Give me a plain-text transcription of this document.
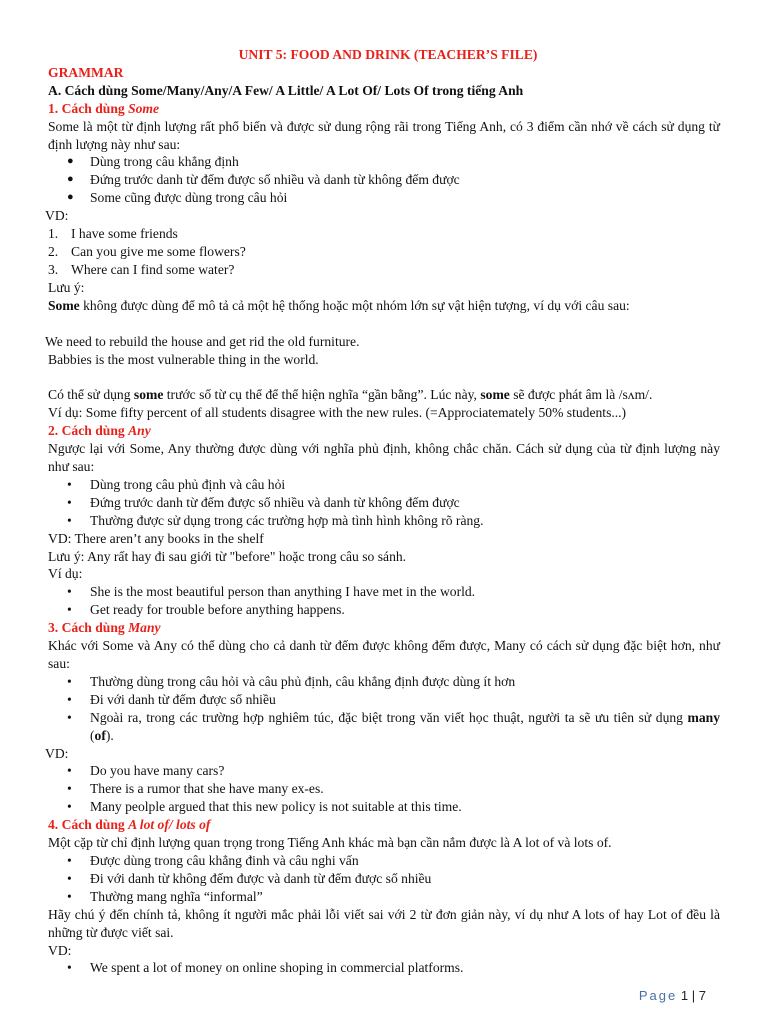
UNIT 5: FOOD AND DRINK (TEACHER’S FILE)
GRAMMAR
A. Cách dùng Some/Many/Any/A Few/ A Little/ A Lot Of/ Lots Of trong tiếng Anh
1. Cách dùng Some

Some là một từ định lượng rất phổ biến và được sử dung rộng rãi trong Tiếng Anh, có 3 điểm cần nhớ về cách sử dụng từ định lượng này như sau:

● Dùng trong câu khẳng định
● Đứng trước danh từ đếm được số nhiều và danh từ không đếm được
● Some cũng được dùng trong câu hỏi
VD:
1. I have some friends
2. Can you give me some flowers?
3. Where can I find some water?
Lưu ý:

Some không được dùng để mô tả cả một hệ thống hoặc một nhóm lớn sự vật hiện tượng, ví dụ với câu sau:

We need to rebuild the house and get rid the old furniture.
Babbies is the most vulnerable thing in the world.

Có thể sử dụng some trước số từ cụ thể để thể hiện nghĩa “gần bằng”. Lúc này, some sẽ được phát âm là /sʌm/.

Ví dụ: Some fifty percent of all students disagree with the new rules. (=Approciatemately 50% students...)

2. Cách dùng Any

Ngược lại với Some, Any thường được dùng với nghĩa phủ định, không chắc chăn. Cách sử dụng của từ định lượng này như sau:

• Dùng trong câu phủ định và câu hỏi
• Đứng trước danh từ đếm được số nhiều và danh từ không đếm được
• Thường được sử dụng trong các trường hợp mà tình hình không rõ ràng.
VD: There aren’t any books in the shelf
Lưu ý: Any rất hay đi sau giới từ "before" hoặc trong câu so sánh.
Ví dụ:
• She is the most beautiful person than anything I have met in the world.
• Get ready for trouble before anything happens.
3. Cách dùng Many

Khác với Some và Any có thể dùng cho cả danh từ đếm được không đếm được, Many có cách sử dụng đặc biệt hơn, như sau:

• Thường dùng trong câu hỏi và câu phủ định, câu khẳng định được dùng ít hơn
• Đi với danh từ đếm được số nhiều
• Ngoài ra, trong các trường hợp nghiêm túc, đặc biệt trong văn viết học thuật, người ta sẽ ưu tiên sử dụng many (of).
VD:
• Do you have many cars?
• There is a rumor that she have many ex-es.
• Many peolple argued that this new policy is not suitable at this time.
4. Cách dùng A lot of/ lots of

Một cặp từ chỉ định lượng quan trọng trong Tiếng Anh khác mà bạn cần nắm được là A lot of và lots of.

• Được dùng trong câu khẳng đinh và câu nghi vấn
• Đi với danh từ không đếm được và danh từ đếm được số nhiều
• Thường mang nghĩa “informal”

Hãy chú ý đến chính tả, không ít người mắc phải lỗi viết sai với 2 từ đơn giản này, ví dụ như A lots of hay Lot of đều là những từ được viết sai.

VD:
• We spent a lot of money on online shoping in commercial platforms.
Page 1 | 7
